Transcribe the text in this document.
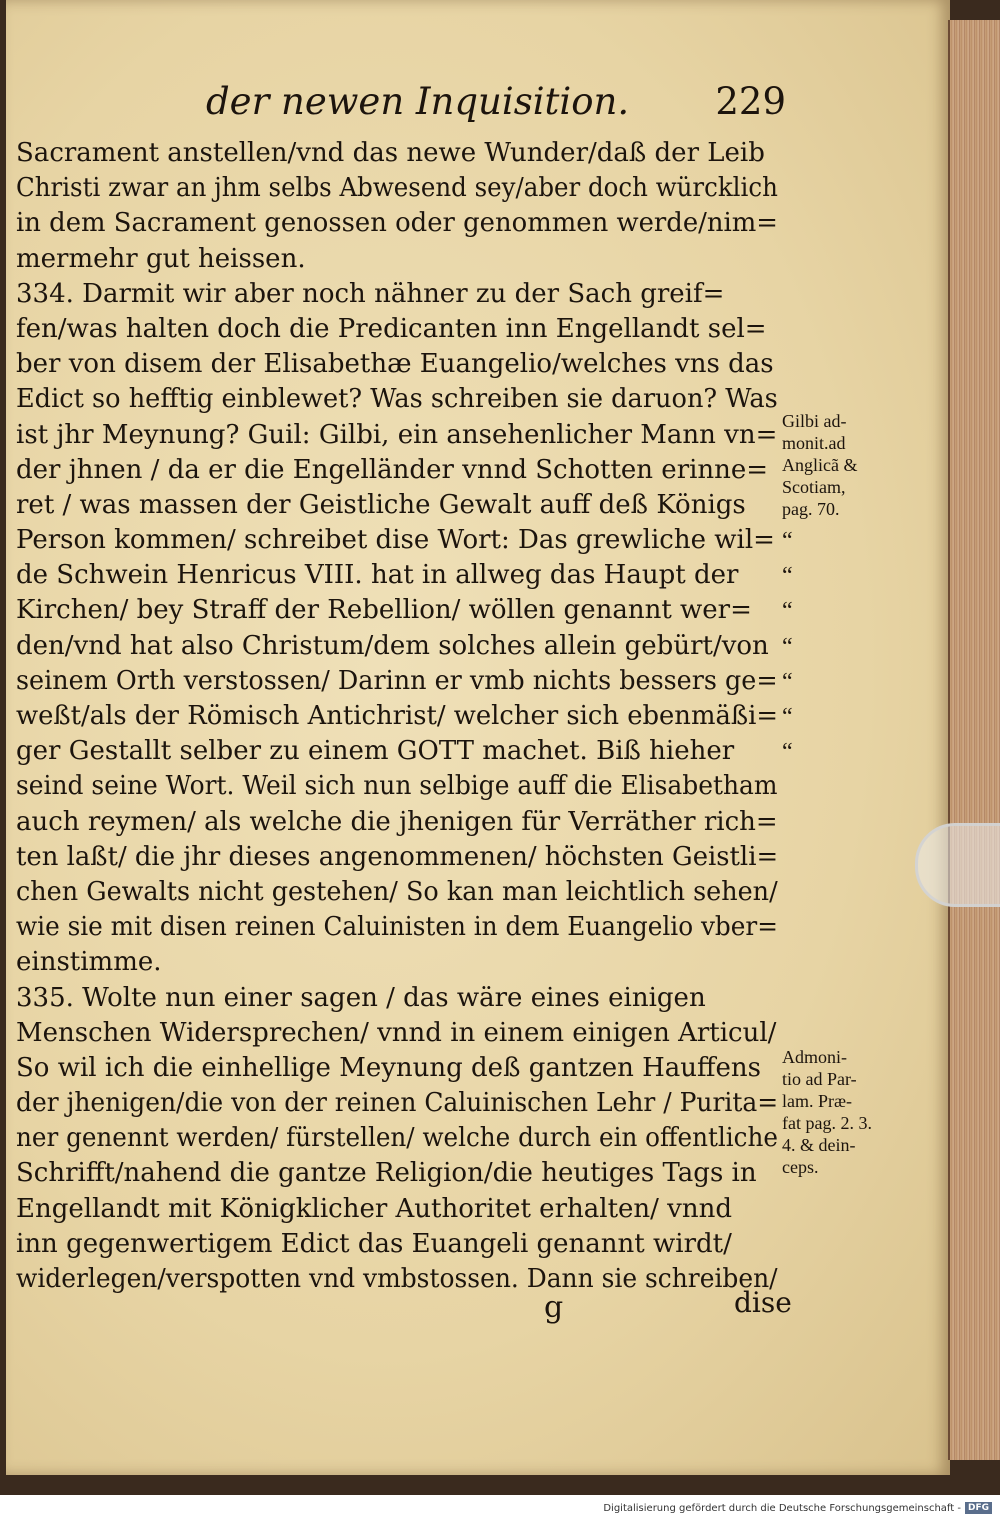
der newen Inquisition. 229
Sacrament anstellen/vnd das newe Wunder/daß der Leib
Christi zwar an jhm selbs Abwesend sey/aber doch würcklich
in dem Sacrament genossen oder genommen werde/nim=
mermehr gut heissen.
334. Darmit wir aber noch nähner zu der Sach greif=
fen/was halten doch die Predicanten inn Engellandt sel=
ber von disem der Elisabethæ Euangelio/welches vns das
Edict so hefftig einblewet? Was schreiben sie daruon? Was
ist jhr Meynung? Guil: Gilbi, ein ansehenlicher Mann vn=
der jhnen / da er die Engelländer vnnd Schotten erinne=
ret / was massen der Geistliche Gewalt auff deß Königs
Person kommen/ schreibet dise Wort: Das grewliche wil=
de Schwein Henricus VIII. hat in allweg das Haupt der
Kirchen/ bey Straff der Rebellion/ wöllen genannt wer=
den/vnd hat also Christum/dem solches allein gebürt/von
seinem Orth verstossen/ Darinn er vmb nichts bessers ge=
weßt/als der Römisch Antichrist/ welcher sich ebenmäßi=
ger Gestallt selber zu einem GOTT machet. Biß hieher
seind seine Wort. Weil sich nun selbige auff die Elisabetham
auch reymen/ als welche die jhenigen für Verräther rich=
ten laßt/ die jhr dieses angenommenen/ höchsten Geistli=
chen Gewalts nicht gestehen/ So kan man leichtlich sehen/
wie sie mit disen reinen Caluinisten in dem Euangelio vber=
einstimme.
335. Wolte nun einer sagen / das wäre eines einigen
Menschen Widersprechen/ vnnd in einem einigen Articul/
So wil ich die einhellige Meynung deß gantzen Hauffens
der jhenigen/die von der reinen Caluinischen Lehr / Purita=
ner genennt werden/ fürstellen/ welche durch ein offentliche
Schrifft/nahend die gantze Religion/die heutiges Tags in
Engellandt mit Königklicher Authoritet erhalten/ vnnd
inn gegenwertigem Edict das Euangeli genannt wirdt/
widerlegen/verspotten vnd vmbstossen. Dann sie schreiben/
Gilbi ad-
monit.ad
Anglicã &
Scotiam,
pag. 70.
Admoni-
tio ad Par-
lam. Præ-
fat pag. 2. 3.
4. & dein-
ceps.
“
“
“
“
“
“
“
g	dise
Digitalisierung gefördert durch die Deutsche Forschungsgemeinschaft - DFG
